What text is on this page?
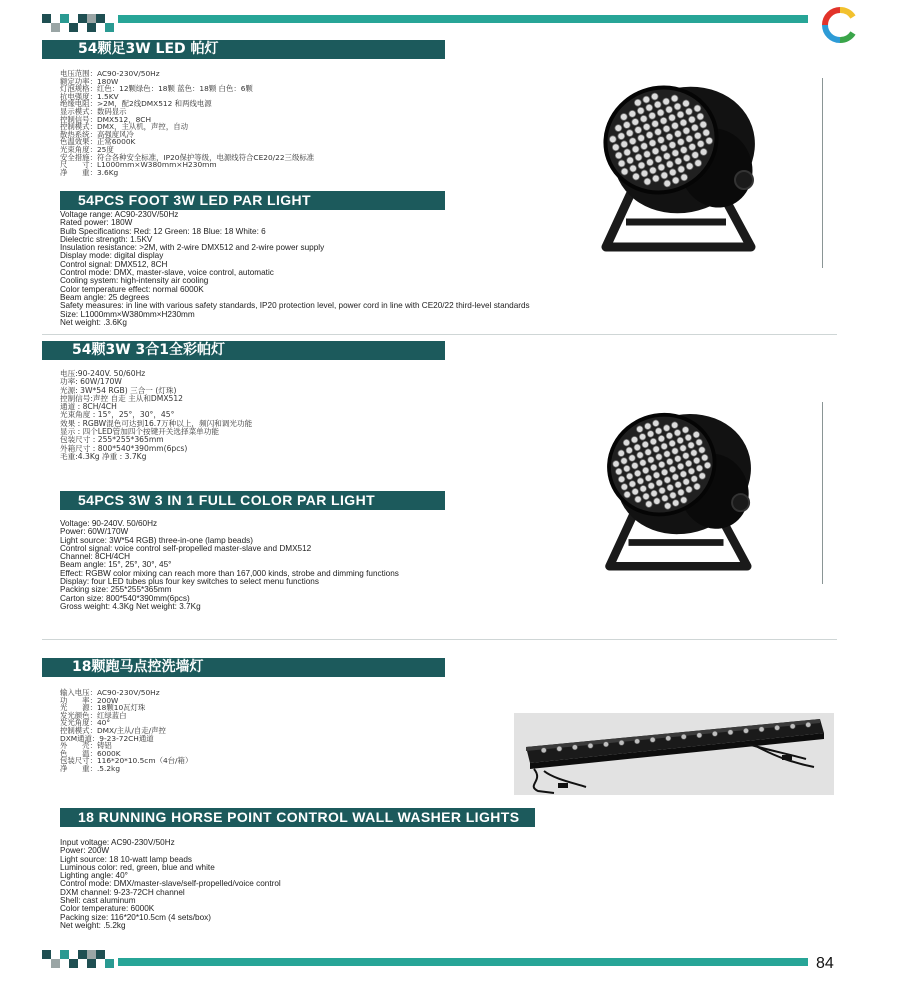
54颗足3W LED 帕灯
电压范围：AC90-230V/50Hz
额定功率：180W
灯泡规格：红色：12颗绿色：18颗 蓝色：18颗 白色：6颗
抗电强度：1.5KV
绝缘电阻：>2M，配2线DMX512 和两线电源
显示模式：数码显示
控制信号：DMX512，8CH
控制模式：DMX，主从机，声控，自动
散热系统：高强度风冷
色温效果：正常6000K
光束角度：25度
安全措施：符合各种安全标准，IP20保护等级，电源线符合CE20/22三级标准
尺　　寸：L1000mm×W380mm×H230mm
净　　重：3.6Kg
54PCS FOOT 3W LED PAR LIGHT
Voltage range: AC90-230V/50Hz
Rated power: 180W
Bulb Specifications: Red: 12 Green: 18 Blue: 18 White: 6
Dielectric strength: 1.5KV
Insulation resistance: >2M, with 2-wire DMX512 and 2-wire power supply
Display mode: digital display
Control signal: DMX512, 8CH
Control mode: DMX, master-slave, voice control, automatic
Cooling system: high-intensity air cooling
Color temperature effect: normal 6000K
Beam angle: 25 degrees
Safety measures: in line with various safety standards, IP20 protection level, power cord in line with CE20/22 third-level standards
Size: L1000mm×W380mm×H230mm
Net weight: .3.6Kg
54颗3W 3合1全彩帕灯
电压:90-240V. 50/60Hz
功率: 60W/170W
光源: 3W*54 RGB) 三合一 (灯珠)
控制信号:声控 自走 主从和DMX512
通道 : 8CH/4CH
光束角度 : 15°，25°，30°，45°
效果 : RGBW混色可达到16.7万种以上，频闪和调光功能
显示 : 四个LED管加四个按键开关选择菜单功能
包装尺寸 : 255*255*365mm
外箱尺寸 : 800*540*390mm(6pcs)
毛重:4.3Kg 净重 : 3.7Kg
54PCS 3W 3 IN 1 FULL COLOR PAR LIGHT
Voltage: 90-240V. 50/60Hz
Power: 60W/170W
Light source: 3W*54 RGB) three-in-one (lamp beads)
Control signal: voice control self-propelled master-slave and DMX512
Channel: 8CH/4CH
Beam angle: 15°, 25°, 30°, 45°
Effect: RGBW color mixing can reach more than 167,000 kinds, strobe and dimming functions
Display: four LED tubes plus four key switches to select menu functions
Packing size: 255*255*365mm
Carton size: 800*540*390mm(6pcs)
Gross weight: 4.3Kg Net weight: 3.7Kg
18颗跑马点控洗墙灯
输入电压：AC90-230V/50Hz
功　　率：200W
光　　源：18颗10瓦灯珠
发光颜色：红绿蓝白
发光角度：40°
控制模式：DMX/主从/自走/声控
DXM通道：9-23-72CH通道
外　　壳：铸铝
色　　温：6000K
包装尺寸：116*20*10.5cm（4台/箱）
净　　重：.5.2kg
18 RUNNING HORSE POINT CONTROL WALL WASHER LIGHTS
Input voltage: AC90-230V/50Hz
Power: 200W
Light source: 18 10-watt lamp beads
Luminous color: red, green, blue and white
Lighting angle: 40°
Control mode: DMX/master-slave/self-propelled/voice control
DXM channel: 9-23-72CH channel
Shell: cast aluminum
Color temperature: 6000K
Packing size: 116*20*10.5cm (4 sets/box)
Net weight: .5.2kg
84
